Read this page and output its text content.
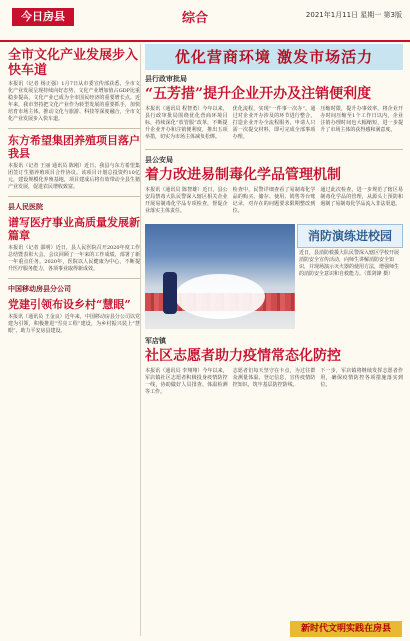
今日房县	综合	2021年1月11日 星期一 第3版
全市文化产业发展步入快车道

本报讯（记者 杨正强）1月7日从市委宣传部获悉，全市文化产业发展呈现持续向好态势，文化产业增加值占GDP比重稳步提高，文化产业已成为全市国民经济的重要增长点。近年来，我市坚持把文化产业作为转型发展的重要抓手，加快培育市场主体，推动文化与旅游、科技等深度融合，全市文化产业发展步入快车道。

东方希望集团养殖项目落户我县

本报讯（记者 王丽 通讯员 陈刚）近日，我县与东方希望集团签订生猪养殖项目合作协议。该项目计划总投资约10亿元，建设规模化养殖基地，项目建成后将有效带动全县生猪产业发展，促进农民增收致富。

县人民医院
谱写医疗事业高质量发展新篇章

本报讯（记者 邵明）近日，县人民医院召开2020年度工作总结暨表彰大会。会议回顾了一年来的工作成绩，部署了新一年重点任务。2020年，医院以人民健康为中心，不断提升医疗服务能力，各项事业取得新成效。

中国移动房县分公司
党建引领布设乡村“慧眼”

本报讯（通讯员 王金良）近年来，中国移动房县分公司以党建为引领，积极推进“雪亮工程”建设，为乡村振兴装上“慧眼”，助力平安房县建设。

优化营商环境 激发市场活力
县行政审批局
“五芳措”提升企业开办及注销便利度

本报讯（通讯员 程智勇）今年以来，县行政审批局围绕优化营商环境目标，持续深化“放管服”改革，不断提升企业开办和注销便利度，推出五项举措，切实为市场主体减负松绑。

优化流程，实现“一件事一次办”。通过对企业开办涉及的环节进行整合，打造企业开办全流程服务，申请人只需一次提交材料，即可完成全部事项办理。

压缩时限，提升办事效率。将企业开办时间压缩至1个工作日以内，企业注销办理时间也大幅缩短，进一步提升了市场主体的获得感和满意度。

县公安局
着力改进易制毒化学品管理机制

本报讯（通讯员 陈智雄）近日，县公安局禁毒大队民警深入辖区相关企业开展易制毒化学品专项检查，督促企业落实主体责任。

检查中，民警详细查看了易制毒化学品的购买、储存、使用、销售等台账记录，对存在的问题要求限期整改到位。

通过此次检查，进一步规范了辖区易制毒化学品的管理，从源头上预防和遏制了易制毒化学品流入非法渠道。

消防演练进校园
近日，县消防救援大队民警深入辖区学校开展消防安全宣传活动，向师生讲解消防安全知识，并现场演示灭火器的使用方法，增强师生的消防安全意识和自救能力。（郑剑锋 摄）
军店镇
社区志愿者助力疫情常态化防控

本报讯（通讯员 李翔翔）今年以来，军店镇社区志愿者积极投身疫情防控一线，协助做好人员排查、体温检测等工作。

志愿者们每天坚守在卡点，为过往群众测量体温、登记信息，宣传疫情防控知识，筑牢基层防控防线。

下一步，军店镇将继续发挥志愿者作用，确保疫情防控各项措施落实到位。

新时代文明实践在房县
